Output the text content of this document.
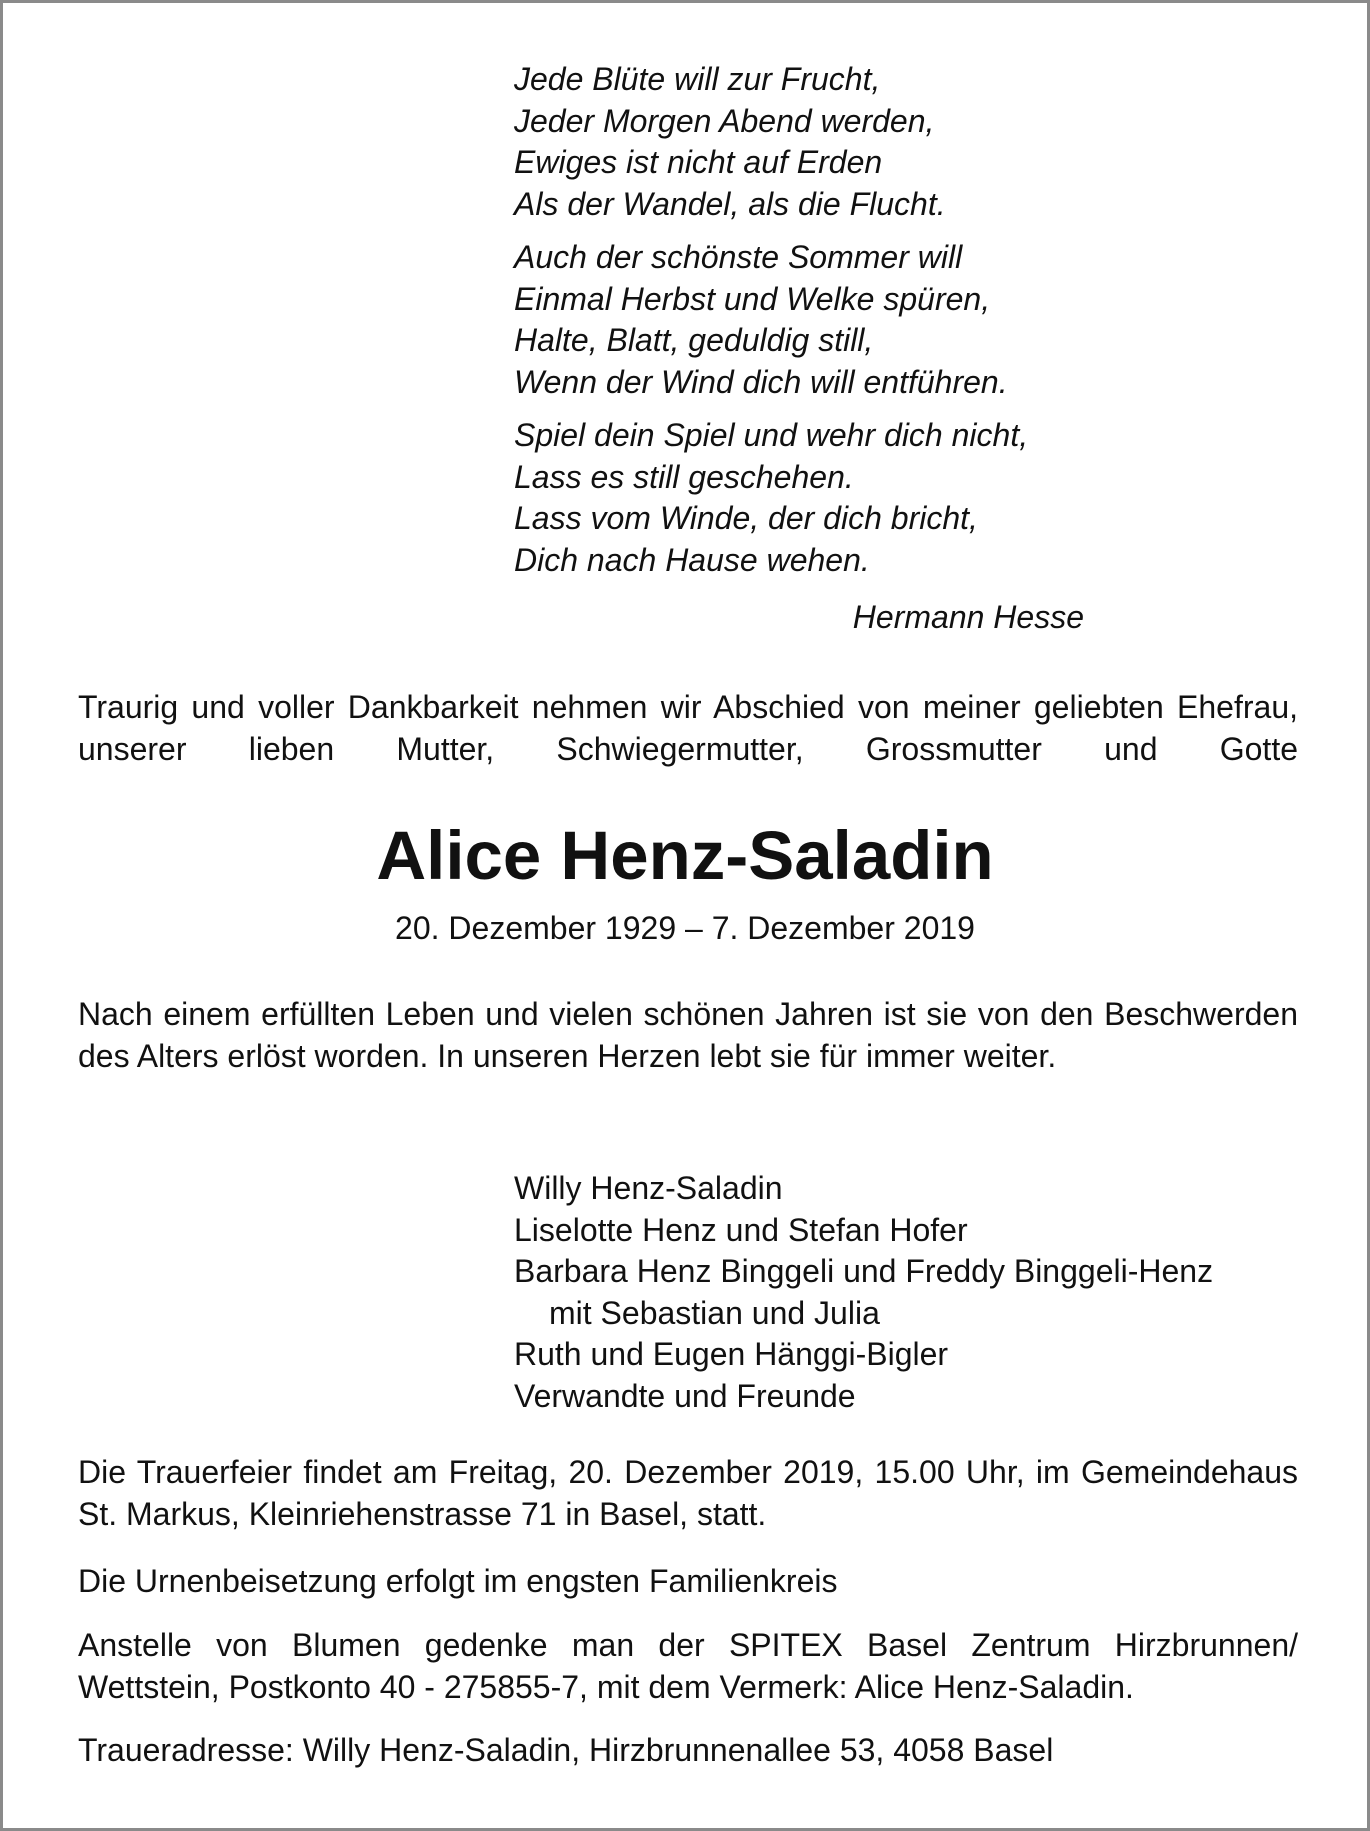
Jede Blüte will zur Frucht,
Jeder Morgen Abend werden,
Ewiges ist nicht auf Erden
Als der Wandel, als die Flucht.
Auch der schönste Sommer will
Einmal Herbst und Welke spüren,
Halte, Blatt, geduldig still,
Wenn der Wind dich will entführen.
Spiel dein Spiel und wehr dich nicht,
Lass es still geschehen.
Lass vom Winde, der dich bricht,
Dich nach Hause wehen.
Hermann Hesse
Traurig und voller Dankbarkeit nehmen wir Abschied von meiner geliebten Ehefrau, unserer lieben Mutter, Schwiegermutter, Grossmutter und Gotte
Alice Henz-Saladin
20. Dezember 1929 – 7. Dezember 2019
Nach einem erfüllten Leben und vielen schönen Jahren ist sie von den Beschwerden des Alters erlöst worden. In unseren Herzen lebt sie für immer weiter.
Willy Henz-Saladin
Liselotte Henz und Stefan Hofer
Barbara Henz Binggeli und Freddy Binggeli-Henz
mit Sebastian und Julia
Ruth und Eugen Hänggi-Bigler
Verwandte und Freunde
Die Trauerfeier findet am Freitag, 20. Dezember 2019, 15.00 Uhr, im Gemeindehaus St. Markus, Kleinriehenstrasse 71 in Basel, statt.
Die Urnenbeisetzung erfolgt im engsten Familienkreis
Anstelle von Blumen gedenke man der SPITEX Basel Zentrum Hirzbrunnen/ Wettstein, Postkonto 40 - 275855-7, mit dem Vermerk: Alice Henz-Saladin.
Traueradresse: Willy Henz-Saladin, Hirzbrunnenallee 53, 4058 Basel
